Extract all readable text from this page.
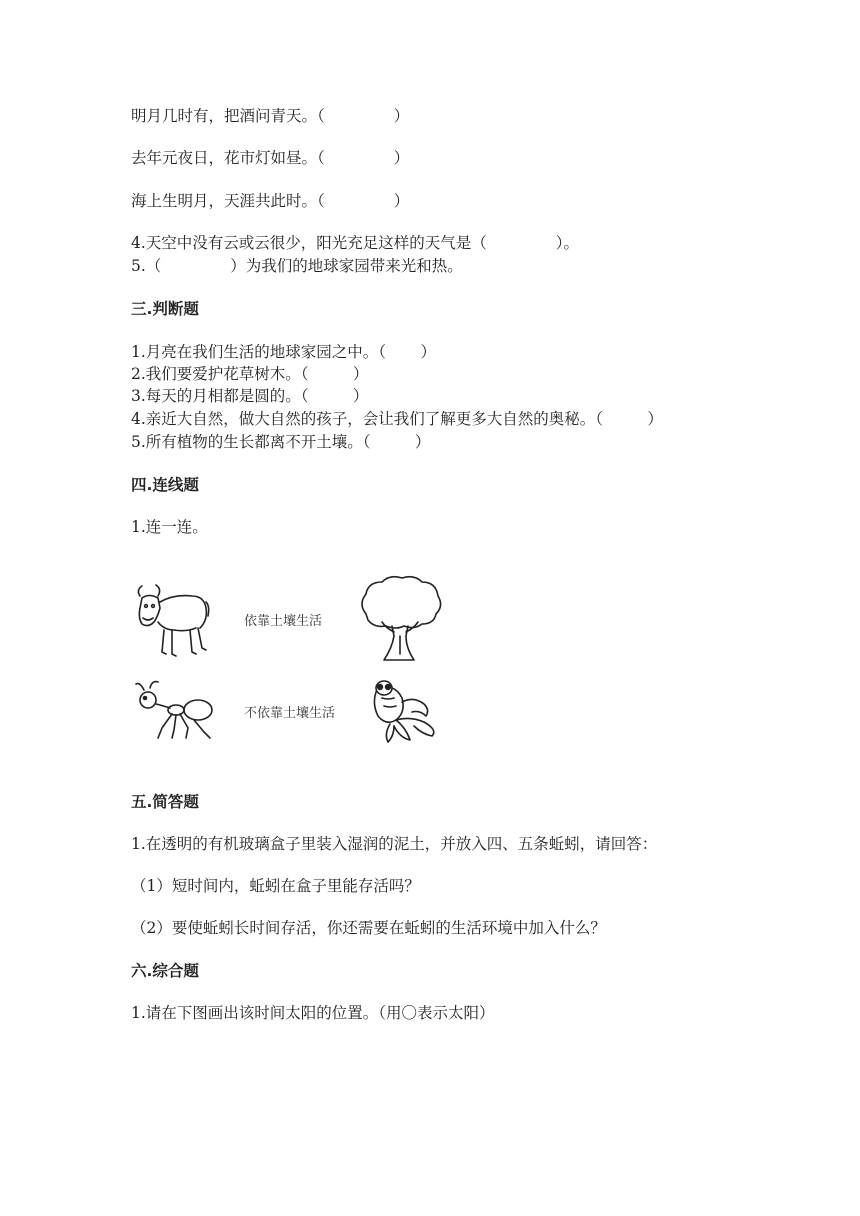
明月几时有，把酒问青天。（              ）
去年元夜日，花市灯如昼。（              ）
海上生明月，天涯共此时。（              ）
4.天空中没有云或云很少，阳光充足这样的天气是（              ）。
5.（              ）为我们的地球家园带来光和热。
三.判断题
1.月亮在我们生活的地球家园之中。（       ）
2.我们要爱护花草树木。（         ）
3.每天的月相都是圆的。（         ）
4.亲近大自然，做大自然的孩子，会让我们了解更多大自然的奥秘。（         ）
5.所有植物的生长都离不开土壤。（         ）
四.连线题
1.连一连。
依靠土壤生活
不依靠土壤生活
五.简答题
1.在透明的有机玻璃盒子里装入湿润的泥土，并放入四、五条蚯蚓，请回答：
（1）短时间内，蚯蚓在盒子里能存活吗？
（2）要使蚯蚓长时间存活，你还需要在蚯蚓的生活环境中加入什么？
六.综合题
1.请在下图画出该时间太阳的位置。（用〇表示太阳）
